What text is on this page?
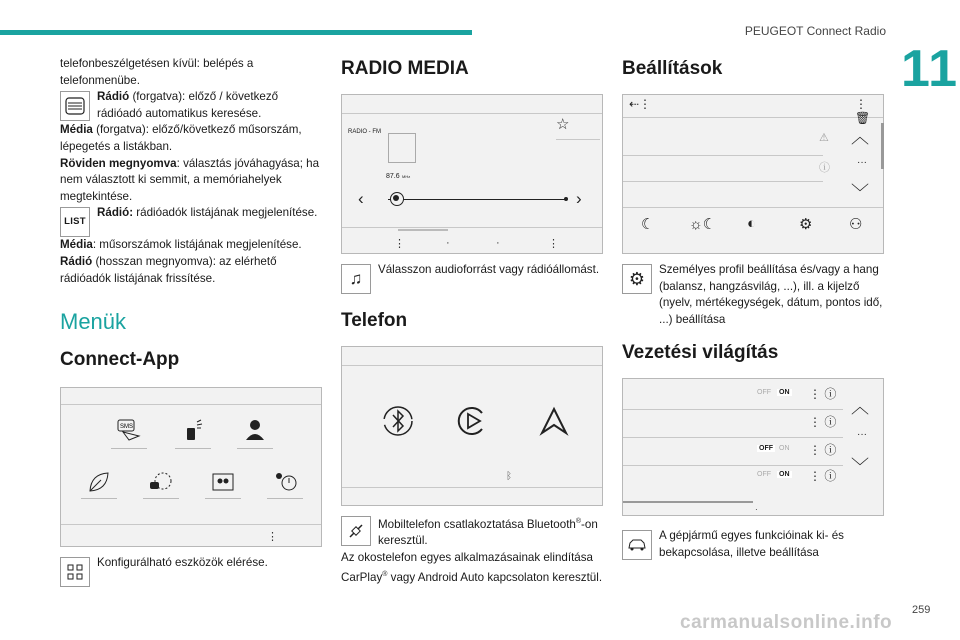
PEUGEOT Connect Radio
11

telefonbeszélgetésen kívül: belépés a telefonmenübe.

Rádió (forgatva): előző / következő rádióadó automatikus keresése.

Média (forgatva): előző/következő műsorszám, lépegetés a listákban.

Röviden megnyomva: választás jóváhagyása; ha nem választott ki semmit, a memóriahelyek megtekintése.

LIST
Rádió: rádióadók listájának megjelenítése.

Média: műsorszámok listájának megjelenítése.

Rádió (hosszan megnyomva): az elérhető rádióadók listájának frissítése.

Menük
Connect-App
SMS
⋮
Konfigurálható eszközök elérése.
RADIO MEDIA
RADIO - FM	☆
87.6 MHz
‹	›
⋮	·	·	⋮
♫ Válasszon audioforrást vagy rádióállomást.
Telefon
ᛒ
Mobiltelefon csatlakoztatása Bluetooth®-on keresztül.

Az okostelefon egyes alkalmazásainak elindítása CarPlay® vagy Android Auto kapcsolaton keresztül.

Beállítások
⇠⋮	⋮ 🗑
⚠
ⓘ
︿
···
﹀
☾ ☼☾ ◐	⚙ ⚇
⚙ Személyes profil beállítása és/vagy a hang (balansz, hangzásvilág, ...), ill. a kijelző (nyelv, mértékegységek, dátum, pontos idő, ...) beállítása
Vezetési világítás
·
OFF ON ⋮ ⓘ
⋮ ⓘ
OFF ON ⋮ ⓘ
OFF ON ⋮ ⓘ
︿
···
﹀
A gépjármű egyes funkcióinak ki- és bekapcsolása, illetve beállítása
259
carmanualsonline.info
